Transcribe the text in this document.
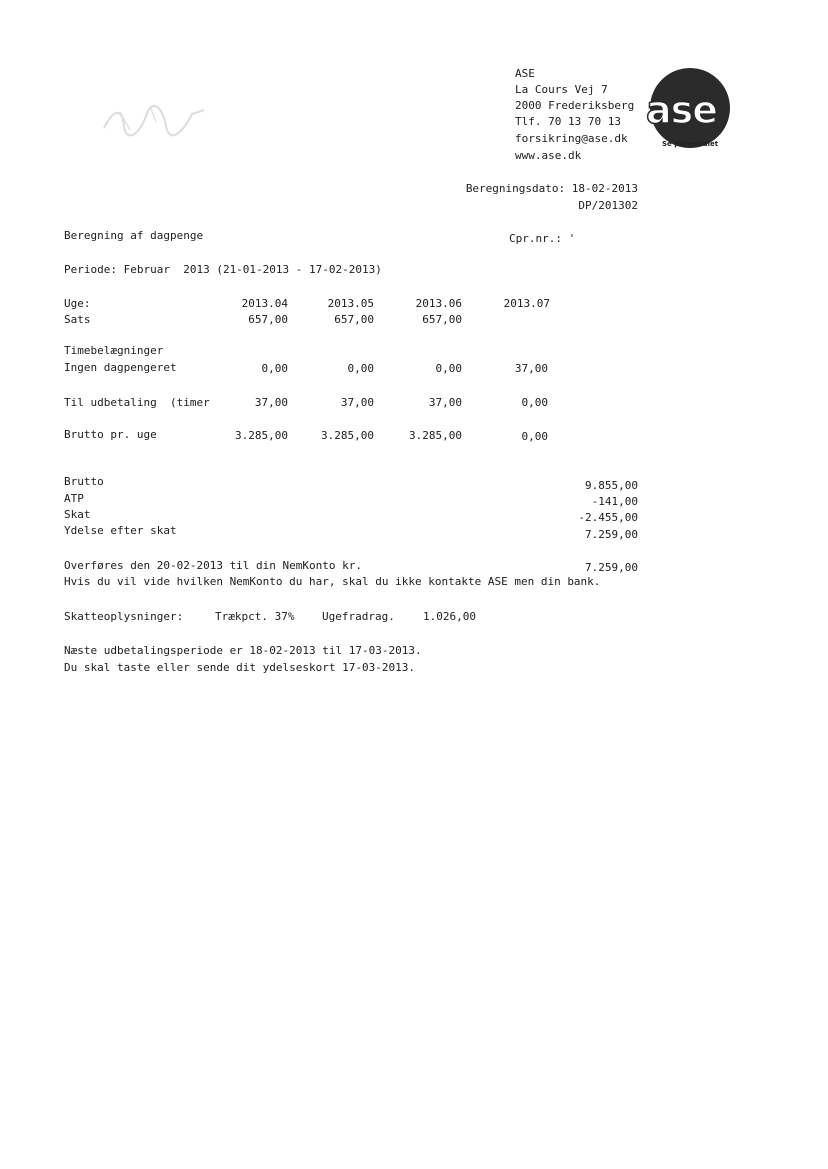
ASE
La Cours Vej 7
2000 Frederiksberg
Tlf. 70 13 70 13
forsikring@ase.dk
www.ase.dk
ase
Se potentialet
Beregningsdato: 18-02-2013
DP/201302
Beregning af dagpenge	Cpr.nr.: '
Periode: Februar  2013 (21-01-2013 - 17-02-2013)
Uge:	2013.04	2013.05	2013.06	2013.07
Sats	657,00	657,00	657,00
Timebelægninger
Ingen dagpengeret	0,00	0,00	0,00	37,00
Til udbetaling  (timer	37,00	37,00	37,00	0,00
Brutto pr. uge	3.285,00	3.285,00	3.285,00	0,00
Brutto	9.855,00
ATP	-141,00
Skat	-2.455,00
Ydelse efter skat	7.259,00
Overføres den 20-02-2013 til din NemKonto kr.	7.259,00
Hvis du vil vide hvilken NemKonto du har, skal du ikke kontakte ASE men din bank.
Skatteoplysninger:	Trækpct. 37%	Ugefradrag.	1.026,00
Næste udbetalingsperiode er 18-02-2013 til 17-03-2013.
Du skal taste eller sende dit ydelseskort 17-03-2013.
